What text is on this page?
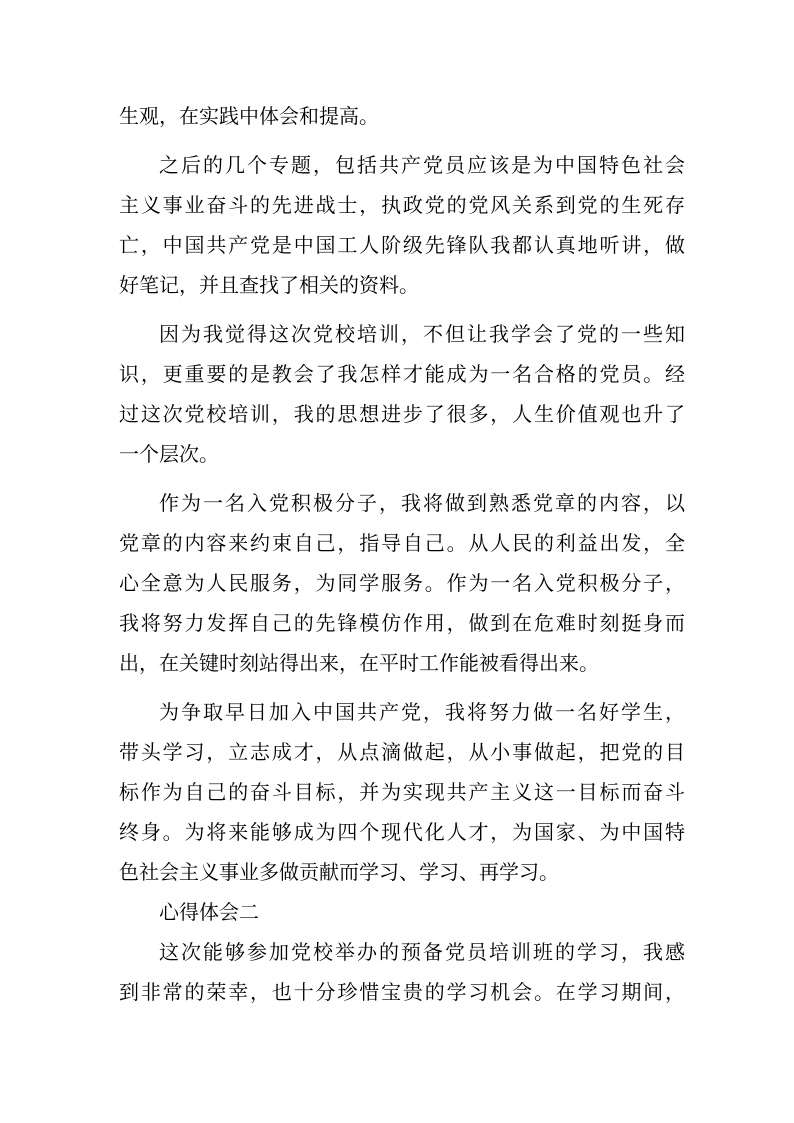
生观，在实践中体会和提高。
之后的几个专题，包括共产党员应该是为中国特色社会
主义事业奋斗的先进战士，执政党的党风关系到党的生死存
亡，中国共产党是中国工人阶级先锋队我都认真地听讲，做
好笔记，并且查找了相关的资料。
因为我觉得这次党校培训，不但让我学会了党的一些知
识，更重要的是教会了我怎样才能成为一名合格的党员。经
过这次党校培训，我的思想进步了很多，人生价值观也升了
一个层次。
作为一名入党积极分子，我将做到熟悉党章的内容，以
党章的内容来约束自己，指导自己。从人民的利益出发，全
心全意为人民服务，为同学服务。作为一名入党积极分子，
我将努力发挥自己的先锋模仿作用，做到在危难时刻挺身而
出，在关键时刻站得出来，在平时工作能被看得出来。
为争取早日加入中国共产党，我将努力做一名好学生，
带头学习，立志成才，从点滴做起，从小事做起，把党的目
标作为自己的奋斗目标，并为实现共产主义这一目标而奋斗
终身。为将来能够成为四个现代化人才，为国家、为中国特
色社会主义事业多做贡献而学习、学习、再学习。
心得体会二
这次能够参加党校举办的预备党员培训班的学习，我感
到非常的荣幸，也十分珍惜宝贵的学习机会。在学习期间，
